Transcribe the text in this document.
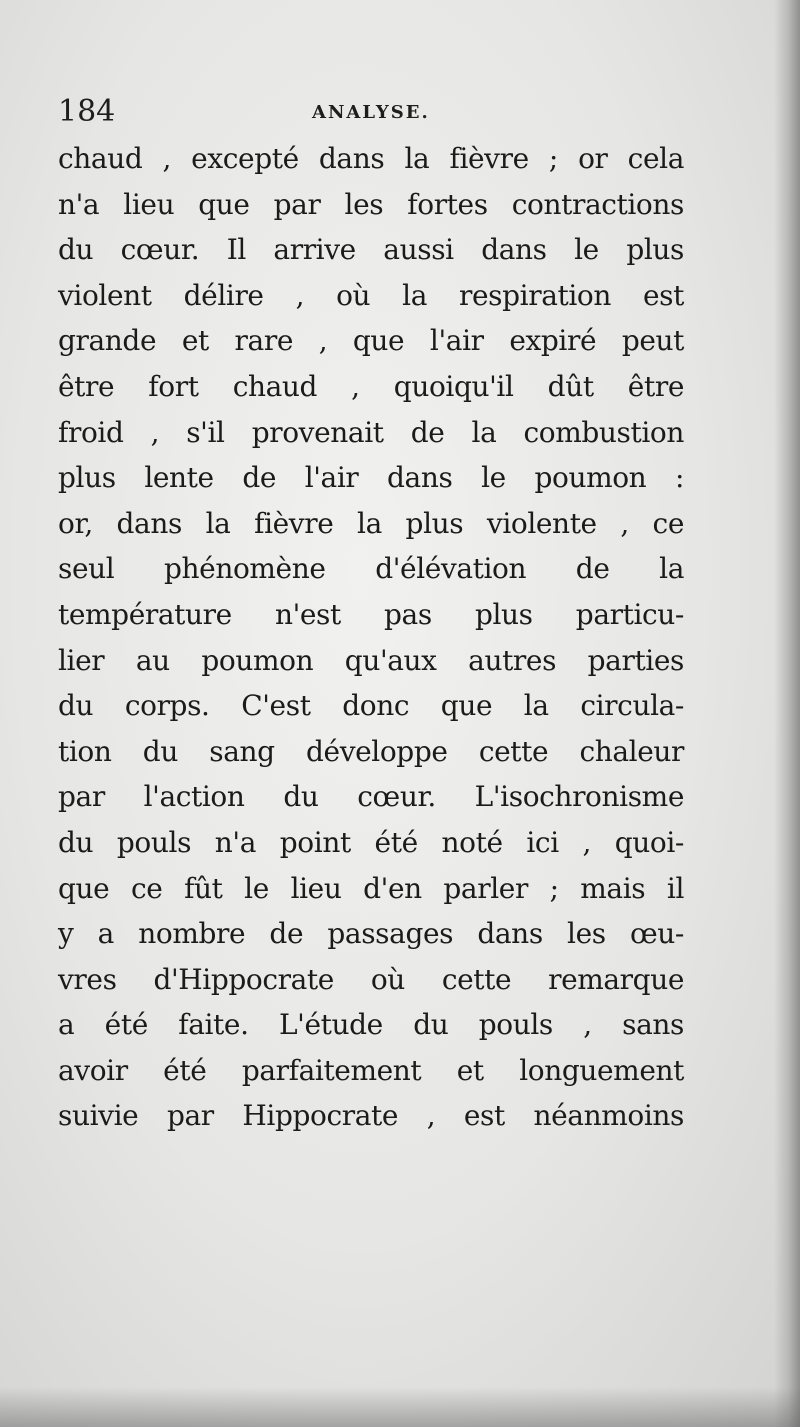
184	ANALYSE.
chaud , excepté dans la fièvre ; or cela
n'a lieu que par les fortes contractions
du cœur. Il arrive aussi dans le plus
violent délire , où la respiration est
grande et rare , que l'air expiré peut
être fort chaud , quoiqu'il dût être
froid , s'il provenait de la combustion
plus lente de l'air dans le poumon :
or, dans la fièvre la plus violente , ce
seul phénomène d'élévation de la
température n'est pas plus particu-
lier au poumon qu'aux autres parties
du corps. C'est donc que la circula-
tion du sang développe cette chaleur
par l'action du cœur. L'isochronisme
du pouls n'a point été noté ici , quoi-
que ce fût le lieu d'en parler ; mais il
y a nombre de passages dans les œu-
vres d'Hippocrate où cette remarque
a été faite. L'étude du pouls , sans
avoir été parfaitement et longuement
suivie par Hippocrate , est néanmoins
